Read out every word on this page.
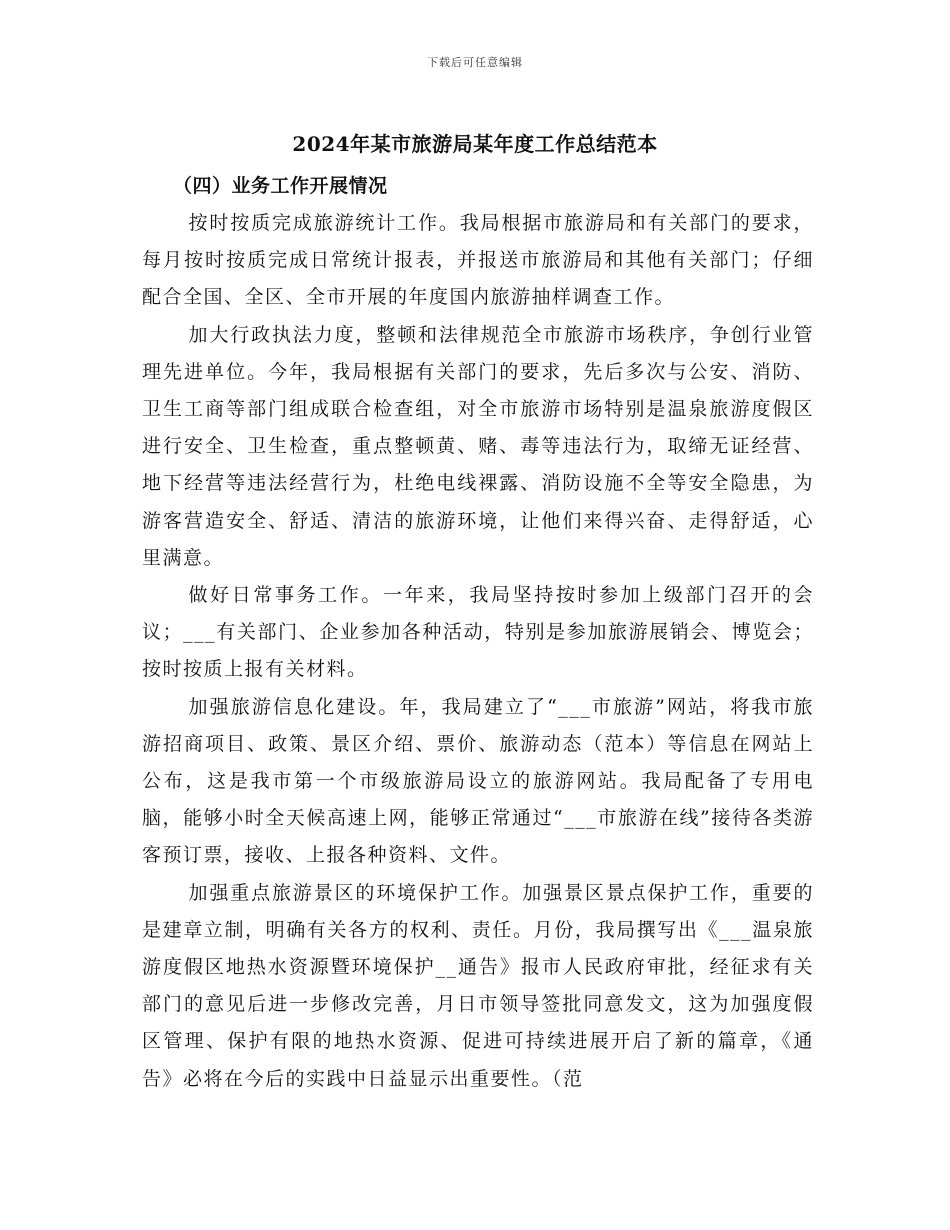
下载后可任意编辑
2024年某市旅游局某年度工作总结范本
（四）业务工作开展情况

按时按质完成旅游统计工作。我局根据市旅游局和有关部门的要求，每月按时按质完成日常统计报表，并报送市旅游局和其他有关部门；仔细配合全国、全区、全市开展的年度国内旅游抽样调查工作。

加大行政执法力度，整顿和法律规范全市旅游市场秩序，争创行业管理先进单位。今年，我局根据有关部门的要求，先后多次与公安、消防、卫生工商等部门组成联合检查组，对全市旅游市场特别是温泉旅游度假区进行安全、卫生检查，重点整顿黄、赌、毒等违法行为，取缔无证经营、地下经营等违法经营行为，杜绝电线裸露、消防设施不全等安全隐患，为游客营造安全、舒适、清洁的旅游环境，让他们来得兴奋、走得舒适，心里满意。

做好日常事务工作。一年来，我局坚持按时参加上级部门召开的会议；___有关部门、企业参加各种活动，特别是参加旅游展销会、博览会；按时按质上报有关材料。

加强旅游信息化建设。年，我局建立了“___市旅游”网站，将我市旅游招商项目、政策、景区介绍、票价、旅游动态（范本）等信息在网站上公布，这是我市第一个市级旅游局设立的旅游网站。我局配备了专用电脑，能够小时全天候高速上网，能够正常通过“___市旅游在线”接待各类游客预订票，接收、上报各种资料、文件。

加强重点旅游景区的环境保护工作。加强景区景点保护工作，重要的是建章立制，明确有关各方的权利、责任。月份，我局撰写出《___温泉旅游度假区地热水资源暨环境保护__通告》报市人民政府审批，经征求有关部门的意见后进一步修改完善，月日市领导签批同意发文，这为加强度假区管理、保护有限的地热水资源、促进可持续进展开启了新的篇章，《通告》必将在今后的实践中日益显示出重要性。（范
